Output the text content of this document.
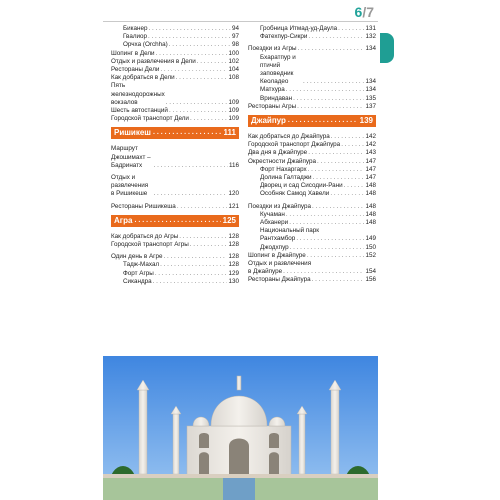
6/7
Биканер . . .	94
Гвалиор . . .	97
Орчха (Orchha) . . .	98
Шопинг в Дели . . .	100
Отдых и развлечения в Дели . . .	102
Рестораны Дели . . .	104
Как добраться в Дели . . .	108
Пять железнодорожных вокзалов . . .	109
Шесть автостанций . . .	109
Городской транспорт Дели . . .	109
Ришикеш . . .	111
Маршрут Джошимахт – Бадринатх . . .	116
Отдых и развлечения в Ришикеше . . .	120
Рестораны Ришикеша . . .	121
Агра . . .	125
Как добраться до Агры . . .	128
Городской транспорт Агры . . .	128
Один день в Агре . . .	128
Тадж-Махал . . .	128
Форт Агры . . .	129
Сикандра . . .	130
Гробница Итмад-уд-Даула . . .	131
Фатехпур-Сикри . . .	132
Поездки из Агры . . .	134
Бхаратпур и птичий заповедник Кеоладео . . .	134
Матхура . . .	134
Вриндаван . . .	135
Рестораны Агры . . .	137
Джайпур . . .	139
Как добраться до Джайпура . . .	142
Городской транспорт Джайпура . . .	142
Два дня в Джайпуре . . .	143
Окрестности Джайпура . . .	147
Форт Нахаргарх . . .	147
Долина Галтаджи . . .	147
Дворец и сад Сисодии-Рани . . .	148
Особняк Самод Хавели . . .	148
Поездки из Джайпура . . .	148
Кучаман . . .	148
Абханери . . .	148
Национальный парк
Рантхамбор . . .	149
Джодхпур . . .	150
Шопинг в Джайпуре . . .	152
Отдых и развлечения
в Джайпуре . . .	154
Рестораны Джайпура . . .	156
